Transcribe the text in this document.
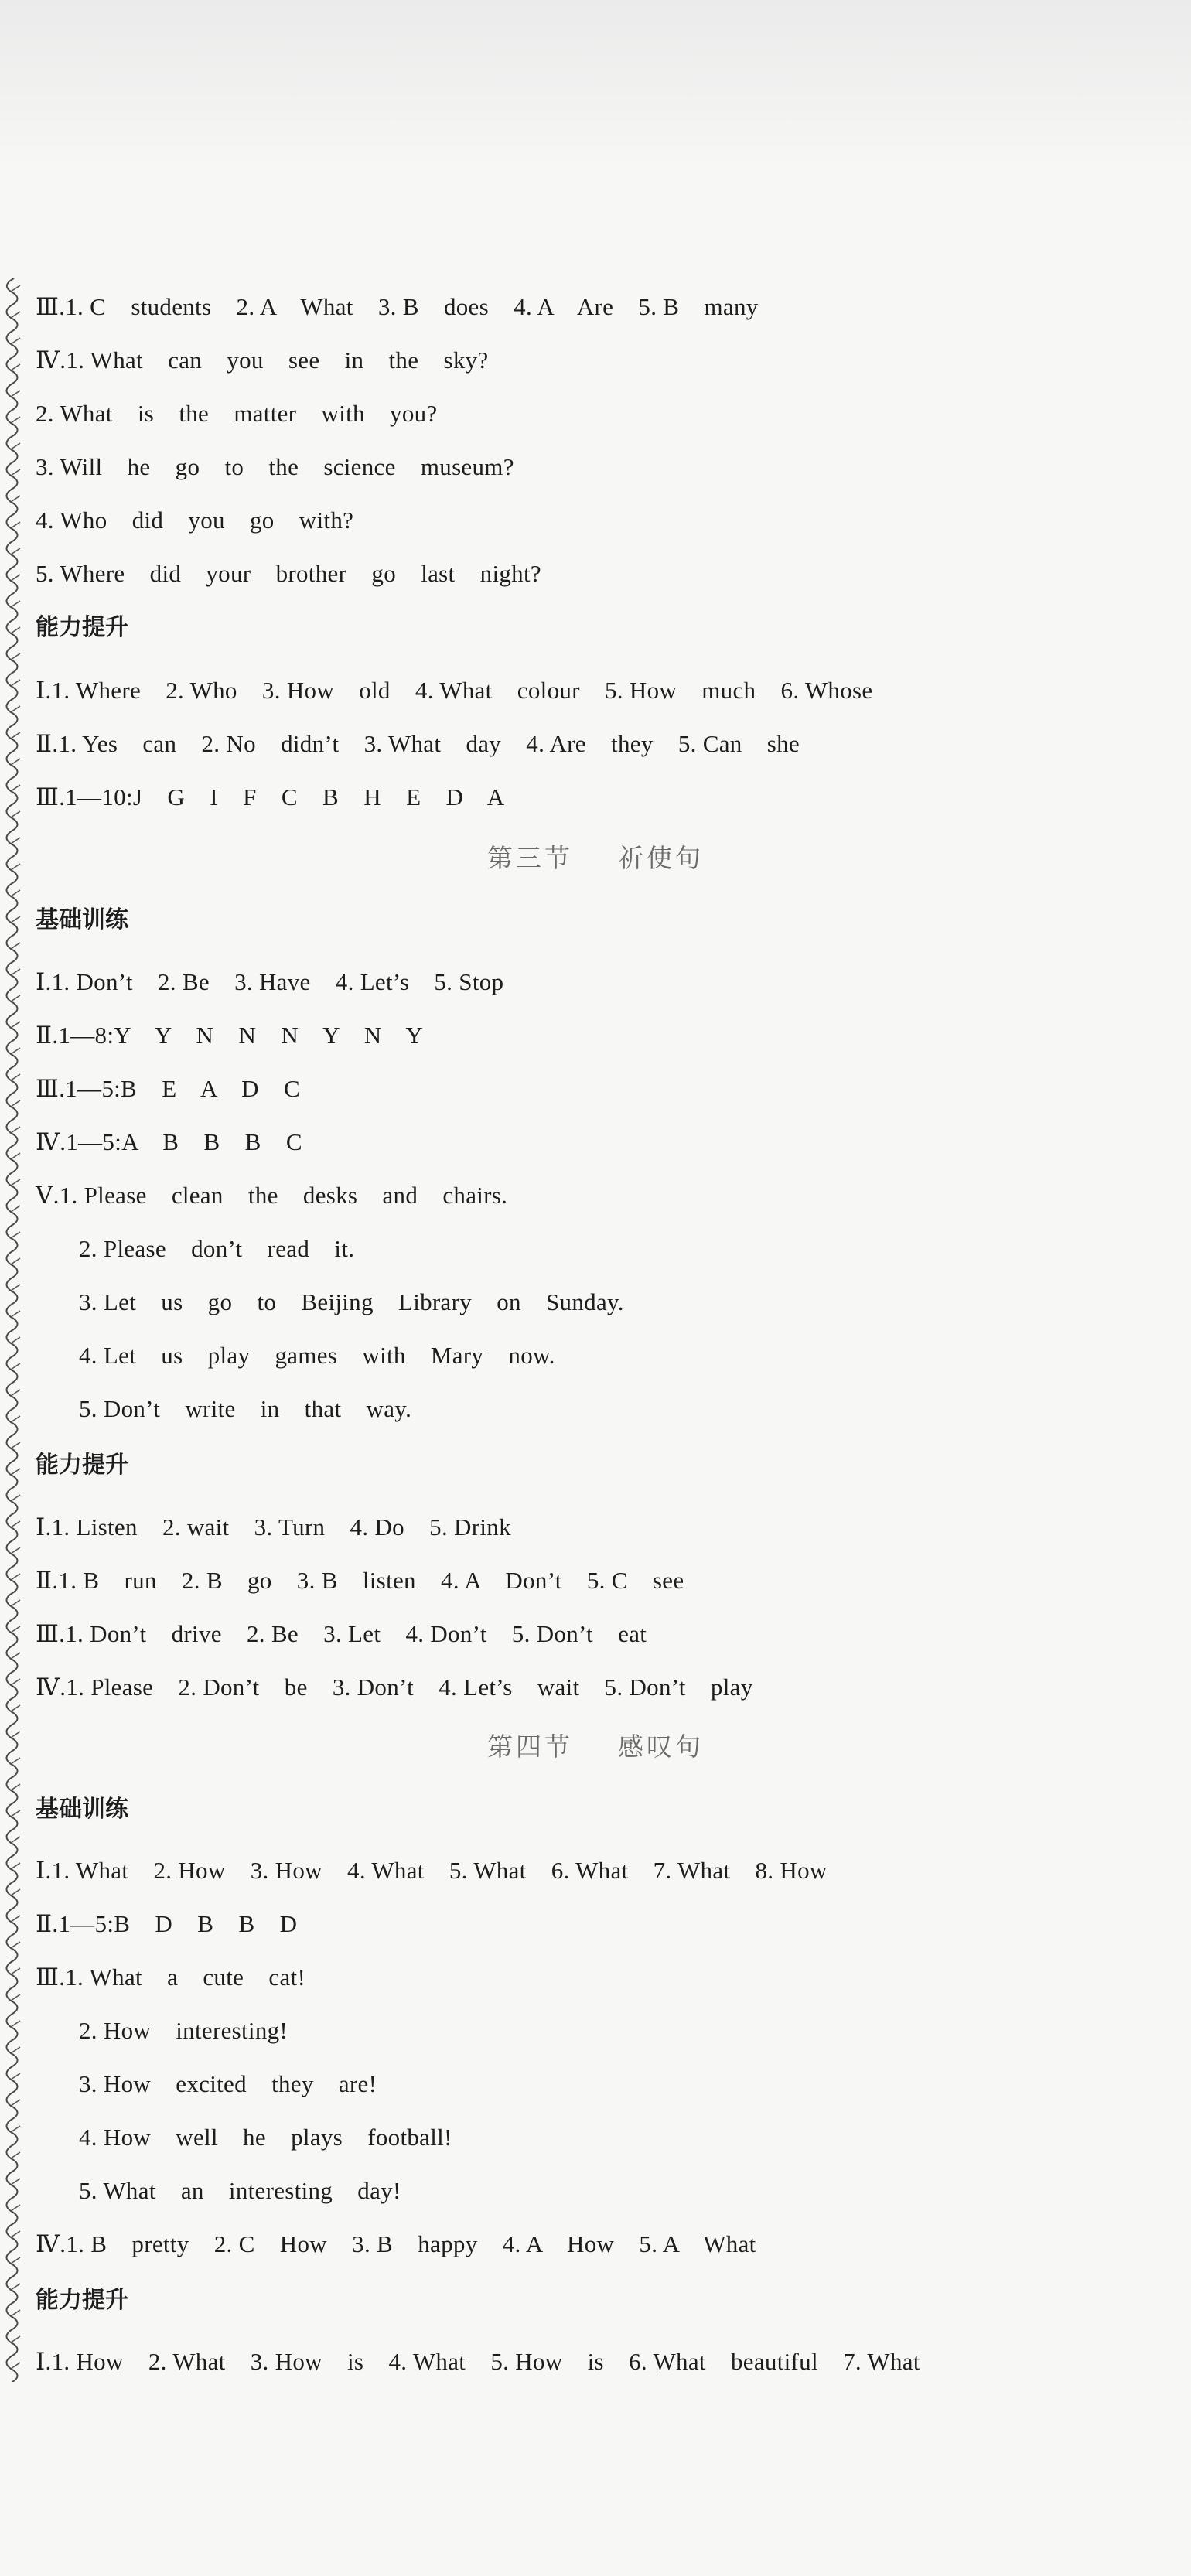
Ⅲ.1. C    students    2. A    What    3. B    does    4. A    Are    5. B    many
Ⅳ.1. What    can    you    see    in    the    sky?
2. What    is    the    matter    with    you?
3. Will    he    go    to    the    science    museum?
4. Who    did    you    go    with?
5. Where    did    your    brother    go    last    night?
能力提升
Ⅰ.1. Where    2. Who    3. How    old    4. What    colour    5. How    much    6. Whose
Ⅱ.1. Yes    can    2. No    didn’t    3. What    day    4. Are    they    5. Can    she
Ⅲ.1—10:J    G    I    F    C    B    H    E    D    A
第三节    祈使句
基础训练
Ⅰ.1. Don’t    2. Be    3. Have    4. Let’s    5. Stop
Ⅱ.1—8:Y    Y    N    N    N    Y    N    Y
Ⅲ.1—5:B    E    A    D    C
Ⅳ.1—5:A    B    B    B    C
Ⅴ.1. Please    clean    the    desks    and    chairs.
2. Please    don’t    read    it.
3. Let    us    go    to    Beijing    Library    on    Sunday.
4. Let    us    play    games    with    Mary    now.
5. Don’t    write    in    that    way.
能力提升
Ⅰ.1. Listen    2. wait    3. Turn    4. Do    5. Drink
Ⅱ.1. B    run    2. B    go    3. B    listen    4. A    Don’t    5. C    see
Ⅲ.1. Don’t    drive    2. Be    3. Let    4. Don’t    5. Don’t    eat
Ⅳ.1. Please    2. Don’t    be    3. Don’t    4. Let’s    wait    5. Don’t    play
第四节    感叹句
基础训练
Ⅰ.1. What    2. How    3. How    4. What    5. What    6. What    7. What    8. How
Ⅱ.1—5:B    D    B    B    D
Ⅲ.1. What    a    cute    cat!
2. How    interesting!
3. How    excited    they    are!
4. How    well    he    plays    football!
5. What    an    interesting    day!
Ⅳ.1. B    pretty    2. C    How    3. B    happy    4. A    How    5. A    What
能力提升
Ⅰ.1. How    2. What    3. How    is    4. What    5. How    is    6. What    beautiful    7. What
